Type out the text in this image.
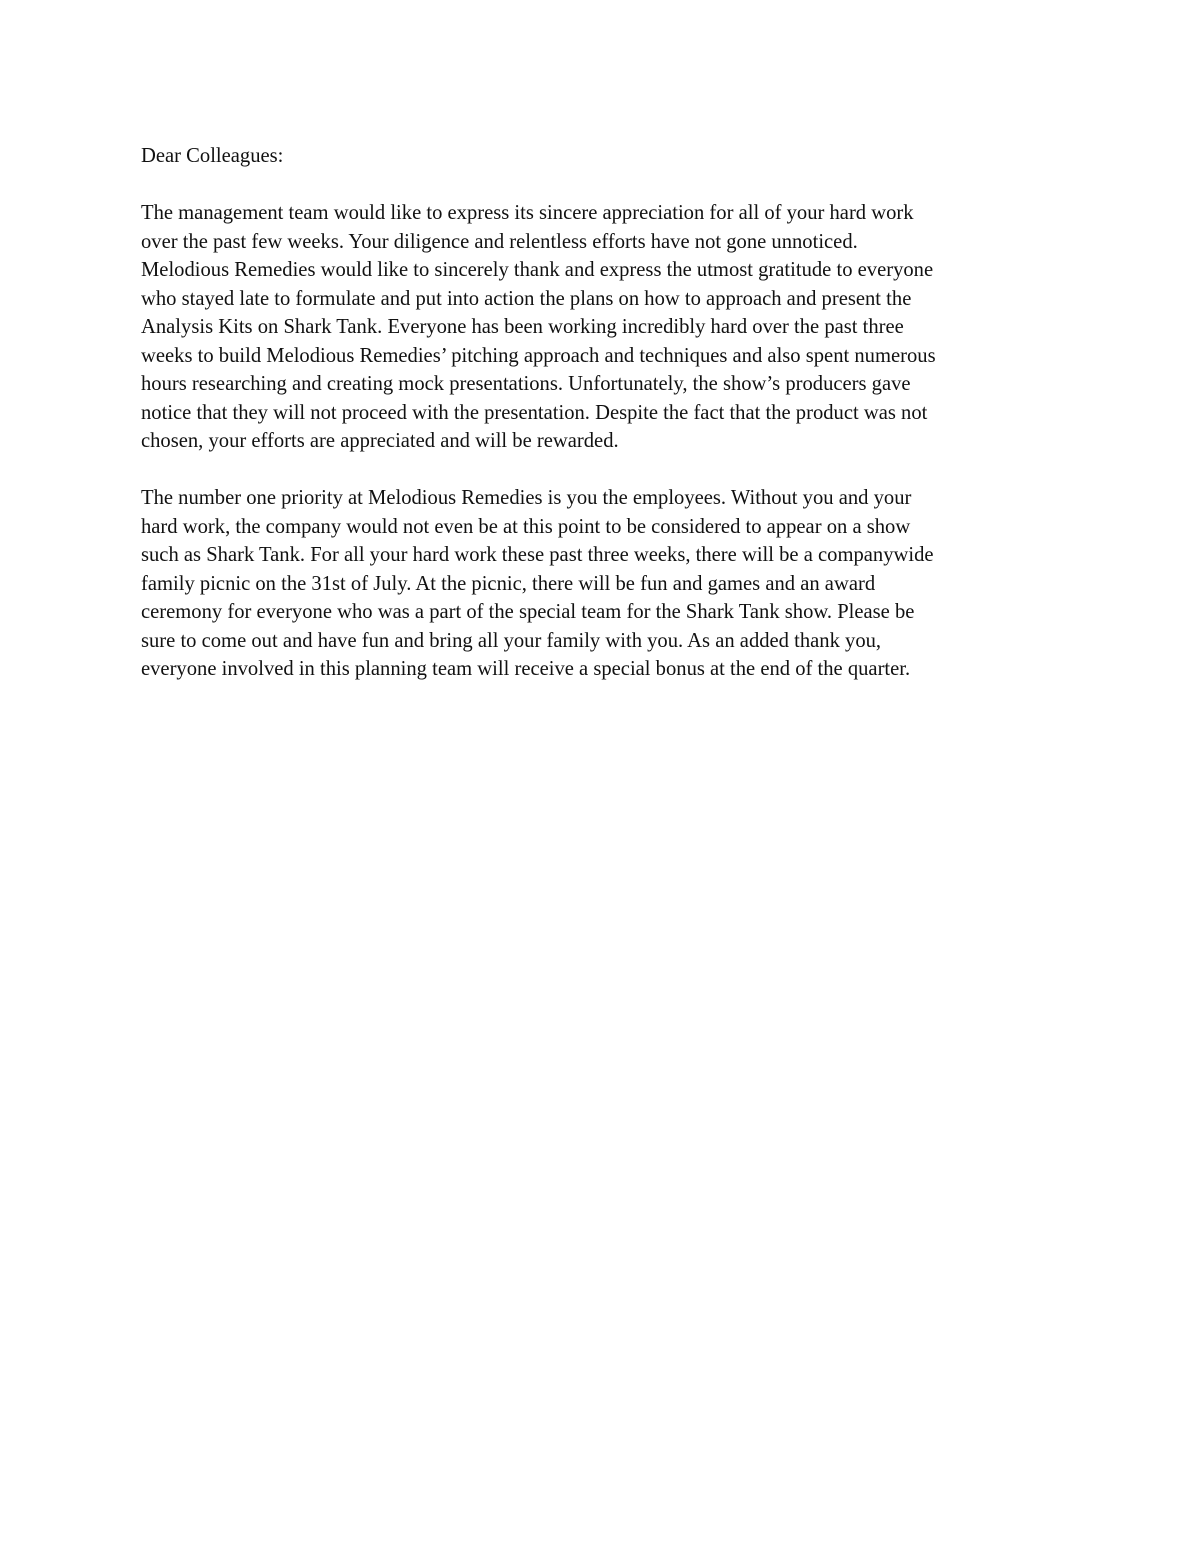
Dear Colleagues:

The management team would like to express its sincere appreciation for all of your hard work
over the past few weeks. Your diligence and relentless efforts have not gone unnoticed.
Melodious Remedies would like to sincerely thank and express the utmost gratitude to everyone
who stayed late to formulate and put into action the plans on how to approach and present the
Analysis Kits on Shark Tank. Everyone has been working incredibly hard over the past three
weeks to build Melodious Remedies’ pitching approach and techniques and also spent numerous
hours researching and creating mock presentations. Unfortunately, the show’s producers gave
notice that they will not proceed with the presentation. Despite the fact that the product was not
chosen, your efforts are appreciated and will be rewarded.

The number one priority at Melodious Remedies is you the employees. Without you and your
hard work, the company would not even be at this point to be considered to appear on a show
such as Shark Tank. For all your hard work these past three weeks, there will be a companywide
family picnic on the 31st of July. At the picnic, there will be fun and games and an award
ceremony for everyone who was a part of the special team for the Shark Tank show. Please be
sure to come out and have fun and bring all your family with you. As an added thank you,
everyone involved in this planning team will receive a special bonus at the end of the quarter.
